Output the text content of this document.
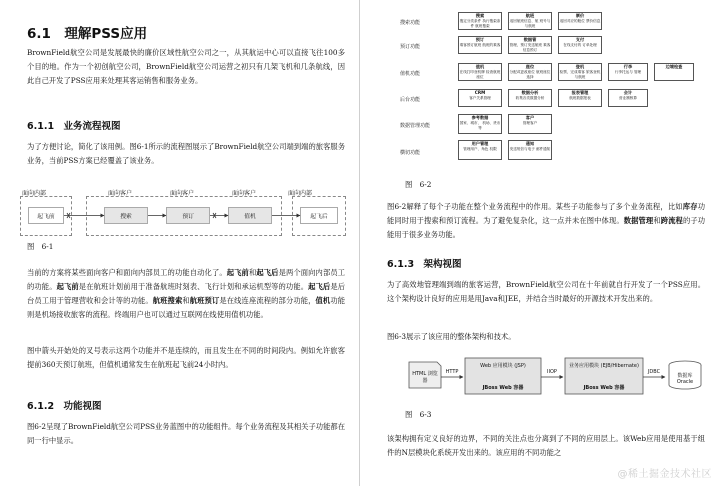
6.1　理解PSS应用
BrownField航空公司是发展最快的廉价区域性航空公司之一，从其航运中心可以直接飞往100多个目的地。作为一个初创航空公司，BrownField航空公司运营之初只有几架飞机和几条航线，因此自己开发了PSS应用来处理其客运销售和服务业务。
6.1.1　业务流程视图
为了方便讨论，简化了该用例。图6-1所示的流程图展示了BrownField航空公司端到端的旅客服务业务，当前PSS方案已经覆盖了该业务。
面向内部	面向客户	面向客户	面向客户	面向内部
起飞前	搜索	预订	值机	起飞后
图　6-1
当前的方案将某些面向客户和面向内部员工的功能自动化了。起飞前和起飞后是两个面向内部员工的功能。起飞前是在航班计划前用于准备航班时刻表、飞行计划和承运机型等的功能。起飞后是后台员工用于管理营收和会计等的功能。航班搜索和航班预订是在线连座流程的部分功能，值机功能则是机场接收旅客的流程。终端用户也可以通过互联网在线使用值机功能。
图中箭头开始处的叉号表示这两个功能并不是连续的，而且发生在不同的时间段内。例如允许旅客提前360天预订航班，但值机通常发生在航班起飞前24小时内。
6.1.2　功能视图
图6-2呈现了BrownField航空公司PSS业务蓝图中的功能组件。每个业务流程及其相关子功能都在同一行中显示。
搜索功能
搜索
搜定分类条件 执行搜索条件 航班搜索
航班
返回航班信息、航 班号与与航班
票价
返回对应的舱位 票价信息
预订功能
预订
乘客预订航班 航班的乘客
数据管
管理，预订发送航班 乘客信息预订
支付
在线支付的 订单处理
值机功能
值机
在线打印登机牌 检查航班座位
座位
分配或更改座位 航班座位选择
登机
检票，完成乘客 旅客登机与航班
行李
行李托运与 管理
边境检查
后台功能
CRM
客户关系管理
数据分析
收集各类数据分析
报表管理
航班数据报表
会计
营业额核算
数据管理功能
参考数据
国家、城市、 机场、货币等
客户
管理客户
横切功能
用户管理
管理用户、角色 权限
通知
发送短信与电子 邮件通知
图　6-2
图6-2解释了每个子功能在整个业务流程中的作用。某些子功能参与了多个业务流程，比如库存功能同时用于搜索和预订流程。为了避免复杂化，这一点并未在图中体现。数据管理和跨流程的子功能用于很多业务功能。
6.1.3　架构视图
为了高效地管理端到端的旅客运营，BrownField航空公司在十年前就自行开发了一个PSS应用。这个架构设计良好的应用是用Java和JEE，并结合当时最好的开源技术开发出来的。
图6-3展示了该应用的整体架构和技术。
HTML 浏览器
HTTP
Web 应用模块 (JSP)
JBoss Web 容器
IIOP
业务应用模块 (EJB/Hibernate)
JBoss Web 容器
JDBC
数据库 Oracle
图　6-3
该架构拥有定义良好的边界，不同的关注点也分离到了不同的应用层上。该Web应用是使用基于组件的N层模块化系统开发出来的。该应用的不同功能之
@稀土掘金技术社区
